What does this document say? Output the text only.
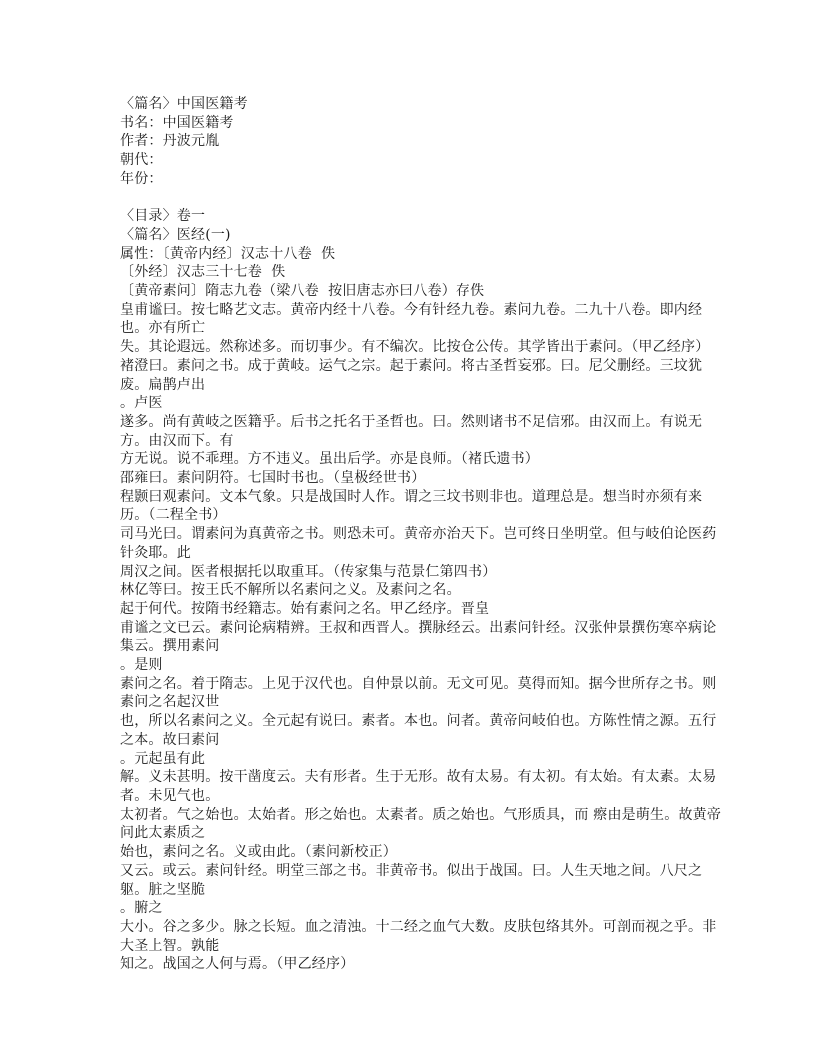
〈篇名〉中国医籍考

书名：中国医籍考

作者：丹波元胤

朝代：

年份：

〈目录〉卷一

〈篇名〉医经(一)

属性：〔黄帝内经〕汉志十八卷  佚

〔外经〕汉志三十七卷  佚

〔黄帝素问〕隋志九卷（梁八卷  按旧唐志亦曰八卷）存佚

皇甫谧曰。按七略艺文志。黄帝内经十八卷。今有针经九卷。素问九卷。二九十八卷。即内经也。亦有所亡

失。其论遐远。然称述多。而切事少。有不编次。比按仓公传。其学皆出于素问。（甲乙经序）

褚澄曰。素问之书。成于黄岐。运气之宗。起于素问。将古圣哲妄邪。曰。尼父删经。三坟犹废。扁鹊卢出

。卢医

遂多。尚有黄岐之医籍乎。后书之托名于圣哲也。曰。然则诸书不足信邪。由汉而上。有说无方。由汉而下。有

方无说。说不乖理。方不违义。虽出后学。亦是良师。（褚氏遗书）

邵雍曰。素问阴符。七国时书也。（皇极经世书）

程颢曰观素问。文本气象。只是战国时人作。谓之三坟书则非也。道理总是。想当时亦须有来历。（二程全书）

司马光曰。谓素问为真黄帝之书。则恐未可。黄帝亦治天下。岂可终日坐明堂。但与岐伯论医药针灸耶。此

周汉之间。医者根据托以取重耳。（传家集与范景仁第四书）

林亿等曰。按王氏不解所以名素问之义。及素问之名。

起于何代。按隋书经籍志。始有素问之名。甲乙经序。晋皇

甫谧之文已云。素问论病精辨。王叔和西晋人。撰脉经云。出素问针经。汉张仲景撰伤寒卒病论集云。撰用素问

。是则

素问之名。着于隋志。上见于汉代也。自仲景以前。无文可见。莫得而知。据今世所存之书。则素问之名起汉世

也，所以名素问之义。全元起有说曰。素者。本也。问者。黄帝问岐伯也。方陈性情之源。五行之本。故曰素问

。元起虽有此

解。义未甚明。按干凿度云。夫有形者。生于无形。故有太易。有太初。有太始。有太素。太易者。未见气也。

太初者。气之始也。太始者。形之始也。太素者。质之始也。气形质具，而 瘵由是萌生。故黄帝问此太素质之

始也，素问之名。义或由此。（素问新校正）

又云。或云。素问针经。明堂三部之书。非黄帝书。似出于战国。曰。人生天地之间。八尺之躯。脏之坚脆

。腑之

大小。谷之多少。脉之长短。血之清浊。十二经之血气大数。皮肤包络其外。可剖而视之乎。非大圣上智。孰能

知之。战国之人何与焉。（甲乙经序）
